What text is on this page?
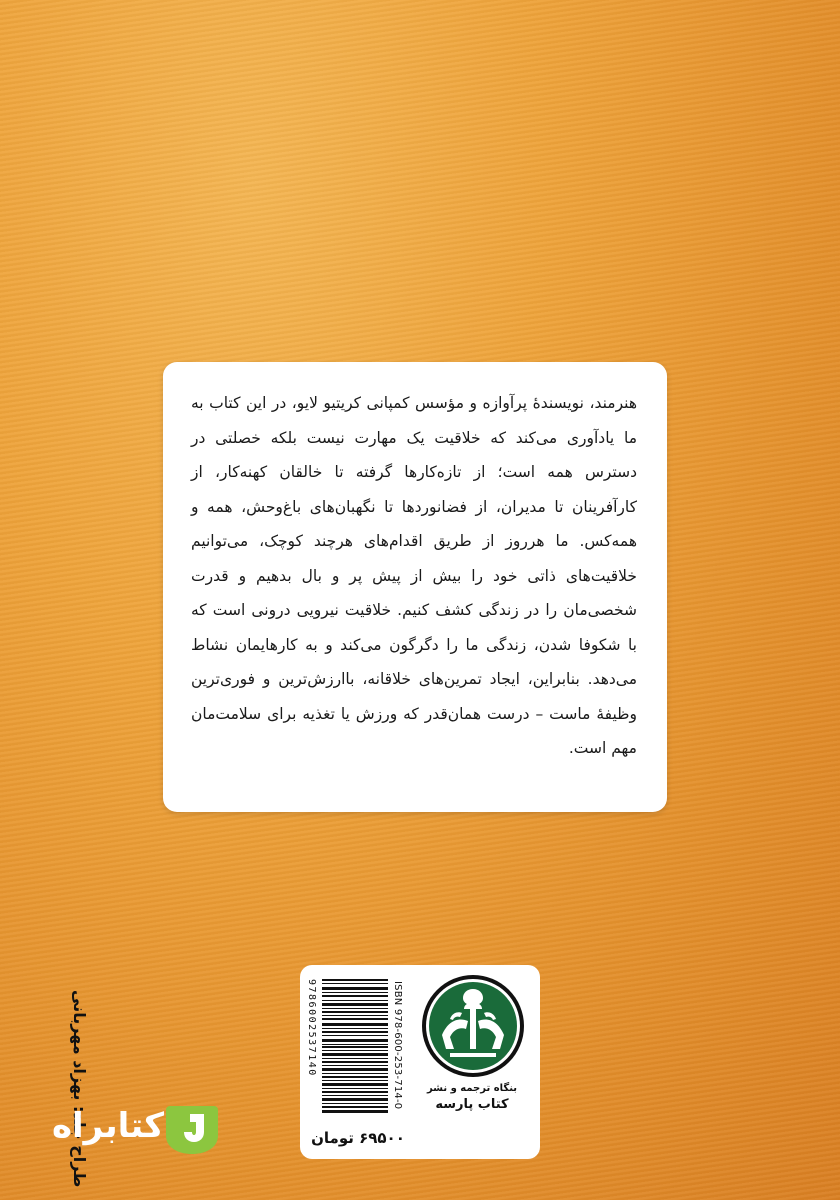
هنرمند، نویسندهٔ پرآوازه و مؤسس کمپانی کریتیو لایو، در این کتاب به ما یادآوری می‌کند که خلاقیت یک مهارت نیست بلکه خصلتی در دسترس همه است؛ از تازه‌کارها گرفته تا خالقان کهنه‌کار، از کارآفرینان تا مدیران، از فضانوردها تا نگهبان‌های باغ‌وحش، همه و همه‌کس. ما هرروز از طریق اقدام‌های هرچند کوچک، می‌توانیم خلاقیت‌های ذاتی خود را بیش از پیش پر و بال بدهیم و قدرت شخصی‌مان را در زندگی کشف کنیم. خلاقیت نیرویی درونی است که با شکوفا شدن، زندگی ما را دگرگون می‌کند و به کارهایمان نشاط می‌دهد. بنابراین، ایجاد تمرین‌های خلاقانه، باارزش‌ترین و فوری‌ترین وظیفهٔ ماست – درست همان‌قدر که ورزش یا تغذیه برای سلامت‌مان مهم است.

9786002537140	ISBN 978-600-253-714-0	بنگاه ترجمه و نشر
کتاب پارسه
۶۹۵۰۰ تومان
طراح جلد: بهزاد مهربانی
کتابراه
